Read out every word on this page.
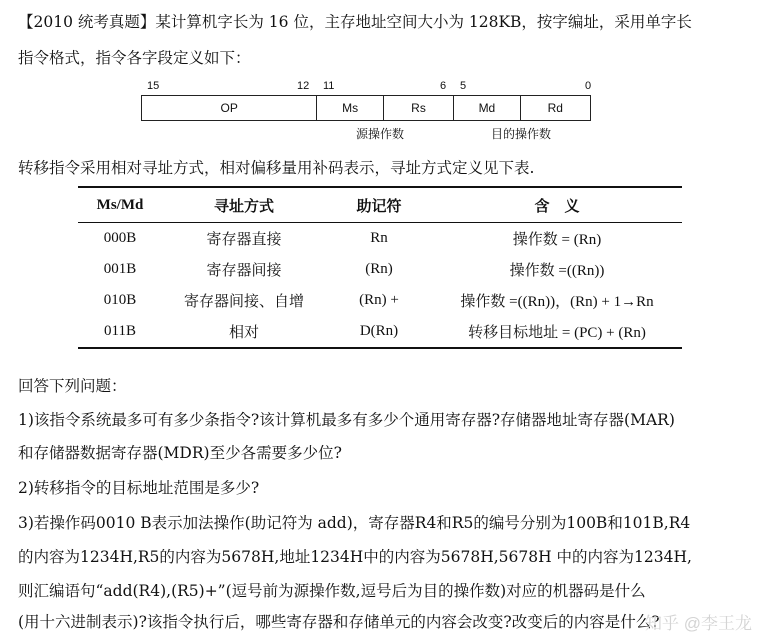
【2010 统考真题】某计算机字长为 16 位，主存地址空间大小为 128KB，按字编址，采用单字长
指令格式，指令各字段定义如下：
15	12 11	6 5	0
OP	Ms	Rs	Md	Rd
源操作数	目的操作数
转移指令采用相对寻址方式，相对偏移量用补码表示，寻址方式定义见下表.
Ms/Md	寻址方式	助记符	含　义
000B	寄存器直接	Rn	操作数 = (Rn)
001B	寄存器间接	(Rn)	操作数 =((Rn))
010B	寄存器间接、自增	(Rn) +	操作数 =((Rn))，(Rn) + 1→Rn
011B	相对	D(Rn)	转移目标地址 = (PC) + (Rn)
回答下列问题：
1)该指令系统最多可有多少条指令?该计算机最多有多少个通用寄存器?存储器地址寄存器(MAR)
和存储器数据寄存器(MDR)至少各需要多少位?
2)转移指令的目标地址范围是多少?
3)若操作码0010 B表示加法操作(助记符为 add)，寄存器R4和R5的编号分别为100B和101B,R4
的内容为1234H,R5的内容为5678H,地址1234H中的内容为5678H,5678H 中的内容为1234H,
则汇编语句“add(R4),(R5)+”(逗号前为源操作数,逗号后为目的操作数)对应的机器码是什么
(用十六进制表示)?该指令执行后，哪些寄存器和存储单元的内容会改变?改变后的内容是什么?
知乎 @李王龙
